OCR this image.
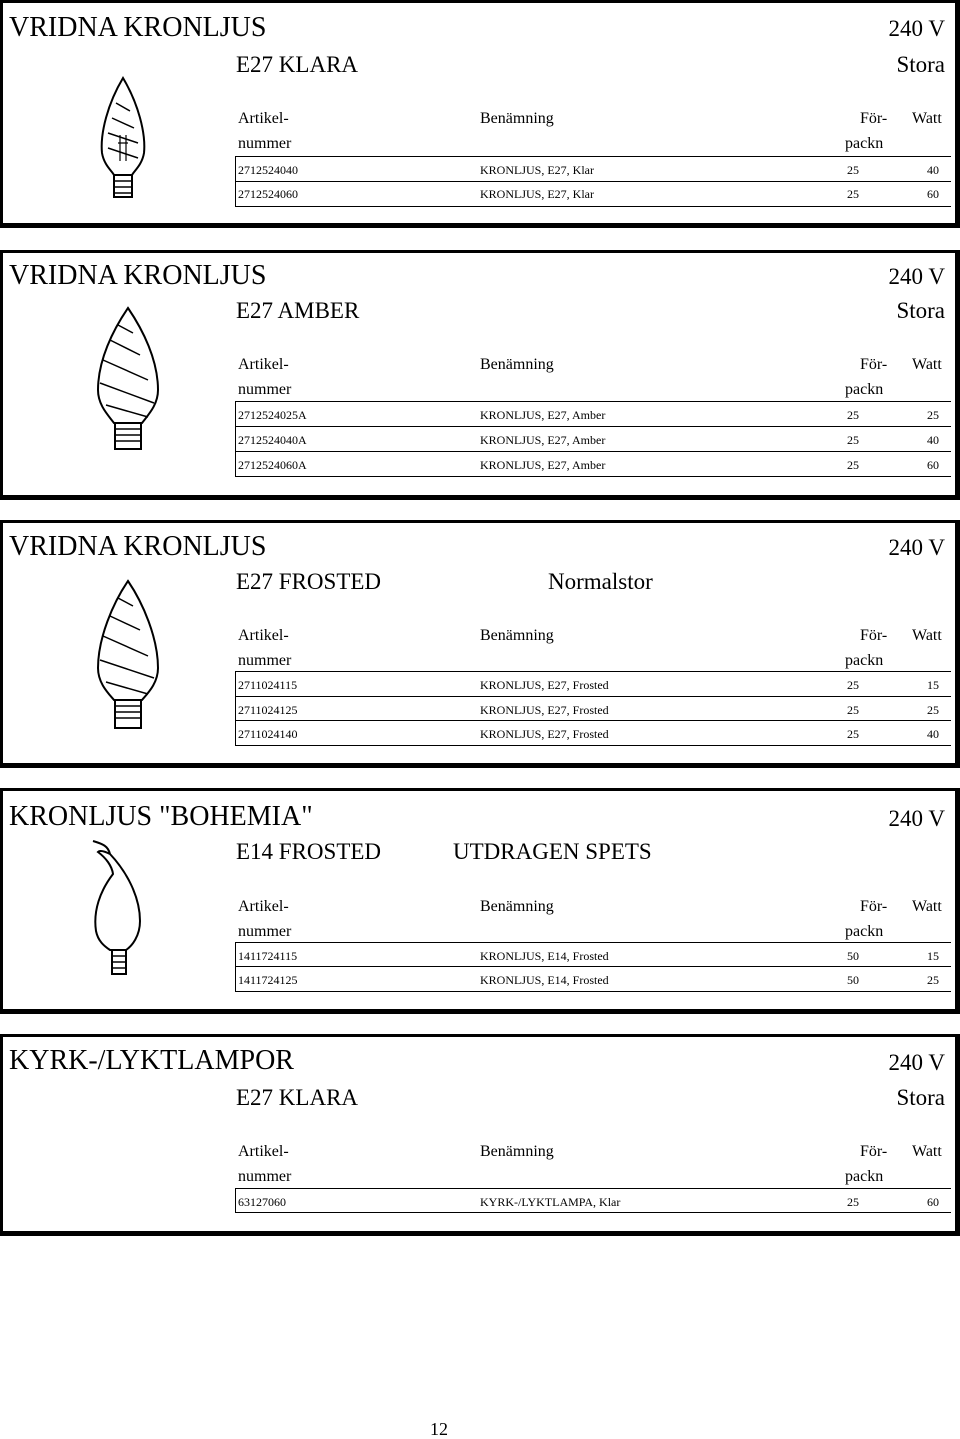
VRIDNA KRONLJUS	240 V
E27 KLARA	Stora
Artikel-	Benämning	För- Watt
nummer	packn
2712524040	KRONLJUS, E27, Klar	25	40
2712524060	KRONLJUS, E27, Klar	25	60
VRIDNA KRONLJUS	240 V
E27 AMBER	Stora
Artikel-	Benämning	För- Watt
nummer	packn
2712524025A	KRONLJUS, E27, Amber	25	25
2712524040A	KRONLJUS, E27, Amber	25	40
2712524060A	KRONLJUS, E27, Amber	25	60
VRIDNA KRONLJUS	240 V
E27 FROSTED	Normalstor
Artikel-	Benämning	För- Watt
nummer	packn
2711024115	KRONLJUS, E27, Frosted	25	15
2711024125	KRONLJUS, E27, Frosted	25	25
2711024140	KRONLJUS, E27, Frosted	25	40
KRONLJUS "BOHEMIA"	240 V
E14 FROSTED	UTDRAGEN SPETS
Artikel-	Benämning	För- Watt
nummer	packn
1411724115	KRONLJUS, E14, Frosted	50	15
1411724125	KRONLJUS, E14, Frosted	50	25
KYRK-/LYKTLAMPOR	240 V
E27 KLARA	Stora
Artikel-	Benämning	För- Watt
nummer	packn
63127060	KYRK-/LYKTLAMPA, Klar	25	60
12
